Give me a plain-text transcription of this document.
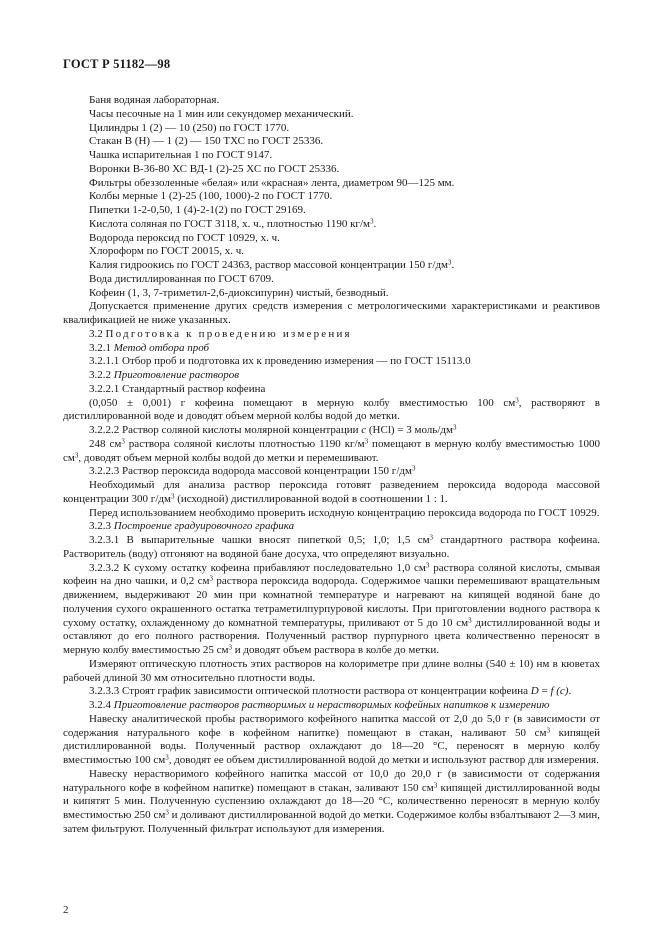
ГОСТ Р 51182—98

Баня водяная лабораторная.

Часы песочные на 1 мин или секундомер механический.

Цилиндры 1 (2) — 10 (250) по ГОСТ 1770.

Стакан В (Н) — 1 (2) — 150 ТХС по ГОСТ 25336.

Чашка испарительная 1 по ГОСТ 9147.

Воронки В-36-80 ХС ВД-1 (2)-25 ХС по ГОСТ 25336.

Фильтры обеззоленные «белая» или «красная» лента, диаметром 90—125 мм.

Колбы мерные 1 (2)-25 (100, 1000)-2 по ГОСТ 1770.

Пипетки 1-2-0,50, 1 (4)-2-1(2) по ГОСТ 29169.

Кислота соляная по ГОСТ 3118, х. ч., плотностью 1190 $кг/м^3$.

Водорода пероксид по ГОСТ 10929, х. ч.

Хлороформ по ГОСТ 20015, х. ч.

Калия гидроокись по ГОСТ 24363, раствор массовой концентрации 150 $г/дм^3$.

Вода дистиллированная по ГОСТ 6709.

Кофеин (1, 3, 7-триметил-2,6-диоксипурин) чистый, безводный.

Допускается применение других средств измерения с метрологическими характеристиками и реактивов квалификацией не ниже указанных.

3.2 Подготовка к проведению измерения

3.2.1 Метод отбора проб

3.2.1.1 Отбор проб и подготовка их к проведению измерения — по ГОСТ 15113.0

3.2.2 Приготовление растворов

3.2.2.1 Стандартный раствор кофеина

(0,050 ± 0,001) г кофеина помещают в мерную колбу вместимостью 100 $см^3$, растворяют в дистиллированной воде и доводят объем мерной колбы водой до метки.

3.2.2.2 Раствор соляной кислоты молярной концентрации c (HCl) = 3 моль/$дм^3$

248 $см^3$ раствора соляной кислоты плотностью 1190 $кг/м^3$ помещают в мерную колбу вместимостью 1000 $см^3$, доводят объем мерной колбы водой до метки и перемешивают.

3.2.2.3 Раствор пероксида водорода массовой концентрации 150 $г/дм^3$

Необходимый для анализа раствор пероксида готовят разведением пероксида водорода массовой концентрации 300 $г/дм^3$ (исходной) дистиллированной водой в соотношении 1 : 1.

Перед использованием необходимо проверить исходную концентрацию пероксида водорода по ГОСТ 10929.

3.2.3 Построение градуировочного графика

3.2.3.1 В выпарительные чашки вносят пипеткой 0,5; 1,0; 1,5 $см^3$ стандартного раствора кофеина. Растворитель (воду) отгоняют на водяной бане досуха, что определяют визуально.

3.2.3.2 К сухому остатку кофеина прибавляют последовательно 1,0 $см^3$ раствора соляной кислоты, смывая кофеин на дно чашки, и 0,2 $см^3$ раствора пероксида водорода. Содержимое чашки перемешивают вращательным движением, выдерживают 20 мин при комнатной температуре и нагревают на кипящей водяной бане до получения сухого окрашенного остатка тетраметилпурпуровой кислоты. При приготовлении водного раствора к сухому остатку, охлажденному до комнатной температуры, приливают от 5 до 10 $см^3$ дистиллированной воды и оставляют до его полного растворения. Полученный раствор пурпурного цвета количественно переносят в мерную колбу вместимостью 25 $см^3$ и доводят объем раствора в колбе до метки.

Измеряют оптическую плотность этих растворов на колориметре при длине волны (540 ± 10) нм в кюветах рабочей длиной 30 мм относительно плотности воды.

3.2.3.3 Строят график зависимости оптической плотности раствора от концентрации кофеина D = f (c).

3.2.4 Приготовление растворов растворимых и нерастворимых кофейных напитков к измерению

Навеску аналитической пробы растворимого кофейного напитка массой от 2,0 до 5,0 г (в зависимости от содержания натурального кофе в кофейном напитке) помещают в стакан, наливают 50 $см^3$ кипящей дистиллированной воды. Полученный раствор охлаждают до 18—20 °С, переносят в мерную колбу вместимостью 100 $см^3$, доводят ее объем дистиллированной водой до метки и используют раствор для измерения.

Навеску нерастворимого кофейного напитка массой от 10,0 до 20,0 г (в зависимости от содержания натурального кофе в кофейном напитке) помещают в стакан, заливают 150 $см^3$ кипящей дистиллированной воды и кипятят 5 мин. Полученную суспензию охлаждают до 18—20 °С, количественно переносят в мерную колбу вместимостью 250 $см^3$ и доливают дистиллированной водой до метки. Содержимое колбы взбалтывают 2—3 мин, затем фильтруют. Полученный фильтрат используют для измерения.

2
